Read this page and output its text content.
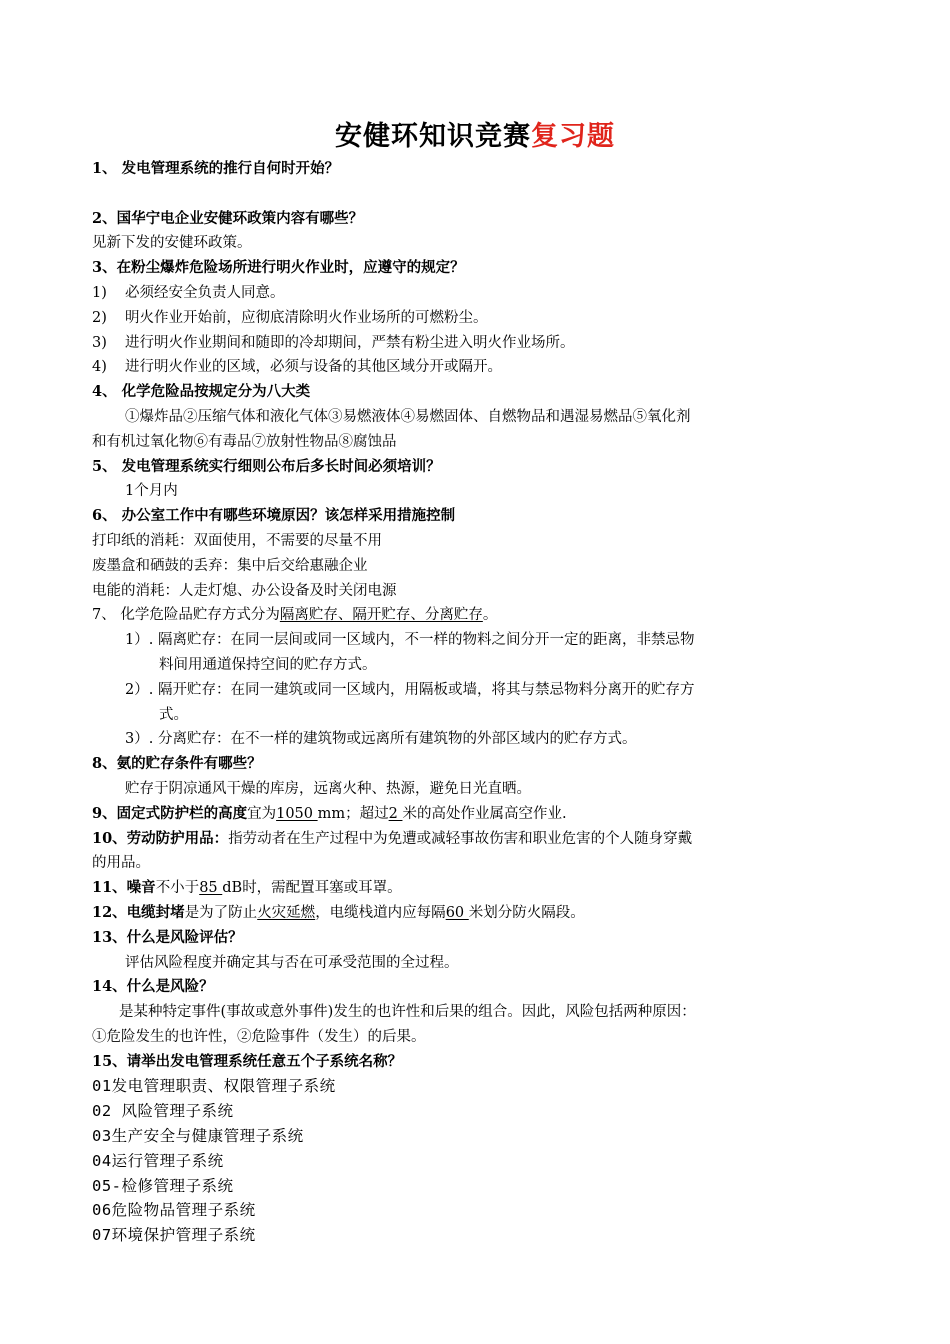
安健环知识竞赛复习题
1、 发电管理系统的推行自何时开始？
2、国华宁电企业安健环政策内容有哪些？
见新下发的安健环政策。
3、在粉尘爆炸危险场所进行明火作业时，应遵守的规定？
1) 必须经安全负责人同意。
2) 明火作业开始前，应彻底清除明火作业场所的可燃粉尘。
3) 进行明火作业期间和随即的冷却期间，严禁有粉尘进入明火作业场所。
4) 进行明火作业的区域，必须与设备的其他区域分开或隔开。
4、 化学危险品按规定分为八大类
①爆炸品②压缩气体和液化气体③易燃液体④易燃固体、自燃物品和遇湿易燃品⑤氧化剂
和有机过氧化物⑥有毒品⑦放射性物品⑧腐蚀品
5、 发电管理系统实行细则公布后多长时间必须培训？
1个月内
6、 办公室工作中有哪些环境原因？该怎样采用措施控制
打印纸的消耗：双面使用，不需要的尽量不用
废墨盒和硒鼓的丢弃：集中后交给惠融企业
电能的消耗：人走灯熄、办公设备及时关闭电源
7、 化学危险品贮存方式分为隔离贮存、隔开贮存、分离贮存。
1）. 隔离贮存：在同一层间或同一区域内，不一样的物料之间分开一定的距离，非禁忌物
料间用通道保持空间的贮存方式。
2）. 隔开贮存：在同一建筑或同一区域内，用隔板或墙，将其与禁忌物料分离开的贮存方
式。
3）. 分离贮存：在不一样的建筑物或远离所有建筑物的外部区域内的贮存方式。
8、氨的贮存条件有哪些？
贮存于阴凉通风干燥的库房，远离火种、热源，避免日光直晒。
9、固定式防护栏的高度宜为1050 mm；超过2 米的高处作业属高空作业.
10、劳动防护用品：指劳动者在生产过程中为免遭或减轻事故伤害和职业危害的个人随身穿戴
的用品。
11、噪音不小于85 dB时，需配置耳塞或耳罩。
12、电缆封堵是为了防止火灾延燃，电缆栈道内应每隔60 米划分防火隔段。
13、什么是风险评估？
评估风险程度并确定其与否在可承受范围的全过程。
14、什么是风险？
是某种特定事件(事故或意外事件)发生的也许性和后果的组合。因此，风险包括两种原因：
①危险发生的也许性，②危险事件（发生）的后果。
15、请举出发电管理系统任意五个子系统名称？
01发电管理职责、权限管理子系统
02 风险管理子系统
03生产安全与健康管理子系统
04运行管理子系统
05-检修管理子系统
06危险物品管理子系统
07环境保护管理子系统
